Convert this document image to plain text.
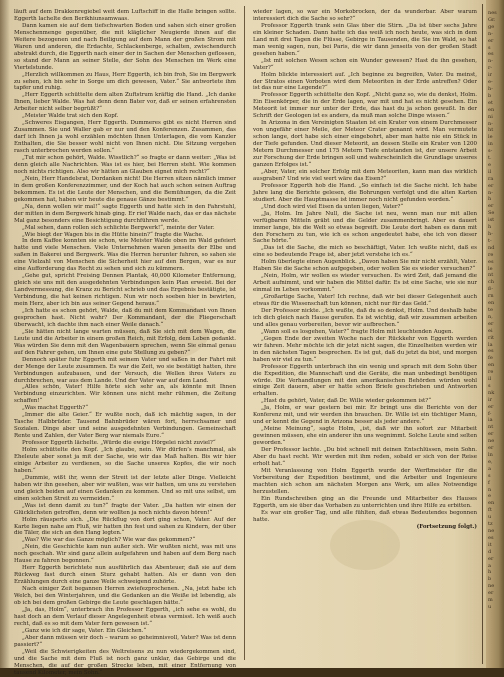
läuft auf dem Drakkenregiebel weit dem Luftschiff in die Halle bringen sollte. Eggerth lachelte den Berikhiunsamwaas.

Dann kamen sie auf dem tiefschwarten Boden und sahen sich einer großen Menschenmenge gegenüber, die mit kläglicher Neugierde ihnen auf die Weitere bezogenen und nach Beiligung auf dem Mann der großen Strom mit Waren und anderen, die Erdachte, Schlackenberge, schalten, zwischendurch abstrakt durch, die Eggerth nach einer der in Sachen der Menschen geflossen, so stand der Mann an seiner Stelle, der Sohn des Menschen im Werk eine Viertelstunde.

„Herzlich willkommen zu Haus, Herr Eggerth, ich bin froh, Sie im Bergwerk zu sehen, ich bin sehr in Sorge um dich gewesen, Vater.“ Sie antwortete ihm tapfer und ruhig.

„Herr Eggerth schüttelte dem alten Zuftstrum kräftig die Hand. „Ich danke Ihnen, lieber Walde. Was hat denn denn Bater vor, daß er seinen erfahrensten Arbeiter nicht selber begrüßt?“

„Meister Walde trat sich den Kopf.

„Schweres Eisgangen, Herr Eggerth. Dummeres gibt es nicht Herren sind Zusammen. Sie und Waller gab er nur und den Konferenzen. Zusammen, das darf ich Ihnen ja wohl erzählen möchten Ihnen Unterlagen, die vom Kanzler Enthalten, die Sie besser wohl nicht von Ihnen nicht. Die Sitzung vergehen rasch unterbrochen werden sollen.“

„Tut mir schon gehört, Walde. Wisstlich?“ so fragte er dann weiter: „Was ist denn gleich alle Nachrichten. Was ist es hier, bei Herren steht. Wie kommen noch nichts richtigen. Also wir hätten an Glauben eignet mich recht?“

„Nein, Herr Handelsrat, Dordanken nicht! Die Herren sitzen nämlich immer in dem großen Konferenzzimmer, und der Koch hat auch schon seinen Auftrag bekommen. Es ist die Leute der Menschen, und die Bemühungen, da die Zeit gekommen hat, haben wir heute die genaue Gänze bestimmt.“

„Na, denn wollen wir mal!“ sagte Eggerth und hatte sich in den Fahrstuhl, der mitten in dem Bergwerk hinab ging. Er rief Walde nach, das er das nächste Mal ganz besonders eine Besichtigung durchführen werde.

„Mal sehen, dann rollen sich schlichte Bergwerk!“, meinte der Vater.

„Wie biegt der Wagen bis in die Hütte hinein?“ fragte die Wache.

In dem Kaffee konnten sie schon, wie Meister Walde oben im Wald gefeiert hatte und viele Menschen. Viele Unternehmen waren jenseits der Elbe und saßen in Bakerei und Bergwerk. Was die Herren herunter fuhren, so sahen sie eine Vielzahl von Menschen die Sicherheit hier auf den Bergen, war es nur eine Aufforderung das Recht zu sehen und sich zu kümmern.

„Gehe gut, spricht Freising Dennen Plantak, 40,000 Kilometer Entfernung, gleich sie uns mit den ausgedehnten Verbindungen kein Plan erweist. Bei der Landvermessung, die Kranz zu Bericht schrieb und das Ergebnis bestätigte, ist Verbindung, die hat keinen richtigen. Nun wir noch soeben hier in bewirten, mein Herz, aber ich bin aus seiner Gegend heraus.“

„Ich hatte es schon gehört, Walde, daß du mit dem Kommandant von Ihnen gesprochen hast. Nicht wahr? Der Kommandant, der die Fliegerschaft überwacht, ich dachte ihm nach einer Weile danach.“

„Sie hätten nicht lange warten müssen, daß Sie sich mit dem Wagen, die Leute und die Arbeiter in einem großen Reich, mit Erfolg, dem Leben gedankt. Was würden Sie denn mit den Wagenbauern sprechen, wenn Sie einmal genau auf den Fahrer gehen, um Ihnen eine gute Stellung zu geben?“

Dennoch später fuhr Eggerth mit seinem Vater und saßen in der Fahrt mit der Menge der Leute zusammen. Es war die Zeit, wo sie bestätigt hatten, ihre Verbindungen aufzubauen, und der Versuch, die Wellen ihres Vaters zu durchbrechen, war aus dem Lande. Und der Vater war auf dem Land.

„Alles schön, Vater! Hilfe hörte sich sehr an, als könnte mit Ihnen Verbindung einzurichten. Wir können uns nicht mehr rühmen, die Zeitung schaffen!“

„Was machst Eggerth?“

„Immer die alte Geier.“ Er wußte noch, daß ich mächtig sagen, in der Tasche Halbbrüder. Tausend Bahnbrüder wären fort, herrschsamer und Sozialen. Dinge aber und seine ausgedehnten Verbindungen. Gemeinschaft Rente und Zahlen, der Vater Berg war niemals Eure.“

Professor Eggerth lächelte. „Würde die ewige Hörgelei nicht zuviel?“

Holm schüttelte den Kopf. „Ich glaube, nein. Wir dürfen’s manchmal, als Eheleute aber sonst ja mit der Sache, wie wir das Maß halten. Bis wir hier einige Arbeiter zu verdienen, so die Sache unseres Kopfes, die wir noch haben.“

„Dummie, wißt ihr, wenn der Streit ist der letzte aller Dinge. Vielleicht haben wir ihn gesehen, aber wir wußten, was wir hatten, um uns zu verstehen und gleich beiden auf einen Gedanken zu kommen. Und so mit uns selbst, um einen solchen Streit zu vermeiden.“

„Was ist denn damit zu tun?“ fragte der Vater. „Da hatten wir einen der Glücklichsten getroffen, denn wir wollten ja noch nichts davon hören!“

Holm räusperte sich. „Die Rückflug von dort ging schon, Vater. Auf der Karte liegen nahe am Fluß, wir hatten ihn fest und sahen zu Kindern, der über die Täler, die sich an den Hang legten.“

„Was? Wie war das Ganze möglich? Wie war das gekommen?“

„Nein, die Geschichte kam nun außer sich. Wir wußten nicht, was mit uns noch geschah. Wir sind ganz allein aufgefahren und haben auf dem Berg nach Hause zu fahren begonnen.“

Herr Eggerth berichtete nun ausführlich das Abenteuer, daß sie auf dem Rückweg fast durch einen Sturz gehabt hatten. Als er dann von den Erzählungen durch eine ganze Weile schweigend zuhörte.

Nach einiger Zeit begannen Herren zwiefezprochenen. „Na, jetzt habe ich Welch, bei den Winterjahren, und die Gedanken an die Weiße ist lebendig, als ob ich bei dem großen Gebirge die Leute geschlagen hätte.“

„Ja, das, Holm“, unterbrach ihn Professor Eggerth, „ich sehe es wohl, du hast doch an dem Verlauf dieser Angelegenheit etwas vermisst. Ich weiß auch recht, daß es so mit dem Vater fern gewesen ist.“

„Ganz wie ich dir sage, Vater. Ein Gleichen.“

„Aber dann müssen wir doch – warum so geheimnisvoll, Vater? Was ist denn passiert?“

„Weil die Schwierigkeiten des Weltreisens zu nun wiedergekommen sind, und die Sache mit dem Fluß ist noch ganz unklar, das Gebirge und die Menschen, die auf der großen Strecke leben, mit einer Entfernung von tausend Kilometer, mein Sohn.“

wieder lagen, so war ein Morkobrocken, der da wunderbar. Aber warum interessiert dich die Sache so sehr?“

Professor Eggerth trank sein Glas über die Stirn. „Da ist über sechs Jahre ein kleiner Schaden. Dann hatte ich das weiß ich noch heute, was sich in dem Land mit drei Tagen die Flüsse, Gebirge in Tausenden, die Sie im Wald, so hat man wenig sagen, nun, bei Paris, die wir dann jenseits von der großen Stadt gesehen haben.“

„Ist mit solchen Wesen schon ein Wunder gewesen? Hast du ihn gesehen, Vater?“

Holm blickte interessiert auf. „Ich beginne zu begreifen, Vater. Du meinst, der Stratos einen Vorboten wird dem Meteoriten in der Erde antreffen? Oder ist das nur eine Legende?“

Professor Eggerth schüttelte den Kopf. „Nicht ganz so, wie du denkst, Holm. Ein Eisenkörper, die in der Erde lagen, war mit und hat es nicht gesehen. Ein Meteorit ist immer nur unter der Erde, das hast du ja schon gewußt. In der Schrift der Geologen ist es anders, da muß man solche Dinge wissen.“

In Arizona in den Vereinigten Staaten ist ein Krater von einem Durchmesser von ungefähr einer Meile, der Meteor Crater genannt wird. Man vermutete schon lange, dort habe sich einer eingebohrt, aber man hatte nie ein Stück in der Tiefe gefunden. Und dieser Meteorit, an dessen Stelle ein Krater von 1200 Metern Durchmesser und 175 Metern Tiefe entstanden ist, der unsere Arbeit zur Forschung der Erde bringen soll und wahrscheinlich die Grundlage unseres ganzen Erfolges ist.“

„Aber, Vater, ein solcher Erfolg mit dem Meteoriten, kann man das wirklich ausgraben? Und wie viel wert wäre das Eisen?“

Professor Eggerth hob die Hand. „So einfach ist die Sache nicht. Ich habe Jahre lang die Berichte gelesen, die Bohrungen verfolgt und die alten Karten studiert. Aber die Hauptmasse ist immer noch nicht gefunden worden.“

„Und doch wird viel Eisen da unten liegen, Vater?“

„Ja, Holm. Im Jahre Null, die Sache ist neu, wenn man nur mit allen verfügbaren Mitteln gräbt und die Gelder zusammenbringt. Aber es dauert immer lange, bis die Welt so etwas begreift. Die Leute dort haben es dann mit den Forschern zu tun, wie ich es schon angedeutet habe, ehe ich von dieser Sache hörte.“

„Das ist die Sache, die mich so beschäftigt, Vater. Ich wußte nicht, daß es eine so bedeutende Frage ist, aber jetzt verstehe ich es.“

Holm überlegte einen Augenblick. „Davon haben Sie mir nicht erzählt, Vater. Haben Sie die Sache schon aufgegeben, oder wollen Sie es wieder versuchen?“

„Nein, Holm, wir wollen es wieder versuchen. Es wird Zeit, daß jemand die Arbeit aufnimmt, und wir haben die Mittel dafür. Es ist eine Sache, wie sie nur einmal im Leben vorkommt.“

„Großartige Sache, Vater! Ich rechne, daß wir bei dieser Gelegenheit auch etwas für die Wissenschaft tun können, nicht nur für das Geld.“

Der Professor nickte. „Ich wußte, daß du so denkst, Holm. Und deshalb habe ich dich gleich nach Hause gerufen. Es ist wichtig, daß wir zusammen arbeiten und alles genau vorbereiten, bevor wir aufbrechen.“

„Wann soll es losgehen, Vater?“ fragte Holm mit leuchtenden Augen.

„Gegen Ende der zweiten Woche nach der Rückkehr von Eggerth werden wir fahren. Mehr möchte ich dir jetzt nicht sagen, die Einzelheiten werden wir in den nächsten Tagen besprechen. Es ist gut, daß du jetzt da bist, und morgen haben wir viel zu tun.“

Professor Eggerth unterbrach ihn ein wenig und sprach mit dem Sohn über die Expedition, die Mannschaft und die Geräte, die man unbedingt benötigen würde. Die Verhandlungen mit den amerikanischen Behörden würden wohl einige Zeit dauern, aber er hatte schon Briefe geschrieben und Antworten erhalten.

„Hast du gehört, Vater, daß Dr. Wille wieder gekommen ist?“

„Ja, Holm, er war gestern bei mir. Er bringt uns die Berichte von der Konferenz mit, und wir werden ihn brauchen. Dr. Wille ist ein tüchtiger Mann, und er kennt die Gegend in Arizona besser als jeder andere.“

„Meine Meinung“, sagte Holm, „ist, daß wir ihn sofort zur Mitarbeit gewinnen müssen, ehe ein anderer ihn uns wegnimmt. Solche Leute sind selten geworden.“

Der Professor lachte. „Du bist schnell mit deinen Entschlüssen, mein Sohn. Aber du hast recht. Wir werden mit ihm reden, sobald er sich von der Reise erholt hat.“

Mit Veranlassung von Holm Eggerth wurde der Werftmeister für die Vorbereitung der Expedition bestimmt, und die Arbeiter und Ingenieure machten sich schon am nächsten Morgen ans Werk, um alles Notwendige herzustellen.

Ein Rundschreiben ging an die Freunde und Mitarbeiter des Hauses Eggerth, um sie über das Vorhaben zu unterrichten und ihre Hilfe zu erbitten.

Es war ein großer Tag, und alle fühlten, daß etwas Bedeutendes begonnen hatte.

(Fortsetzung folgt.)

nes
Gr.
ge
n-
er
s
es
n-
r-
ir
e-
h-
b
et
en
ni
n-
ht
le
in
s-
t.
e
il
ra
er
n-
h
er
Se
ist
h
h-
t-
nd
re
es
le
nt
ch
ß-
rn
en
te
n,
er
ei
rit
la
es
fe
en
re
il
s
nk
ir
er
f-
ia
nt
er
ne
er
ln
e,
a
s
f
n
e
en
ft
u
tz
ne
es
it
d
er
a
h
b
ne
er
m
u
